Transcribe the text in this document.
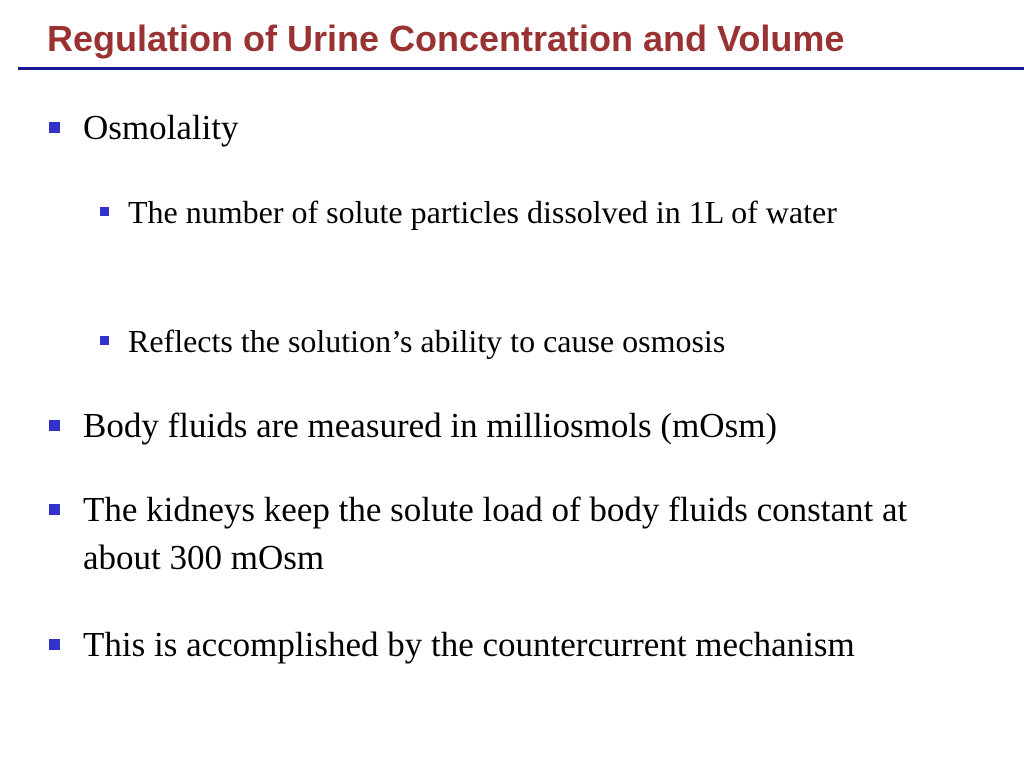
Regulation of Urine Concentration and Volume
Osmolality
The number of solute particles dissolved in 1L of water
Reflects the solution’s ability to cause osmosis
Body fluids are measured in milliosmols (mOsm)
The kidneys keep the solute load of body fluids constant at about 300 mOsm
This is accomplished by the countercurrent mechanism
